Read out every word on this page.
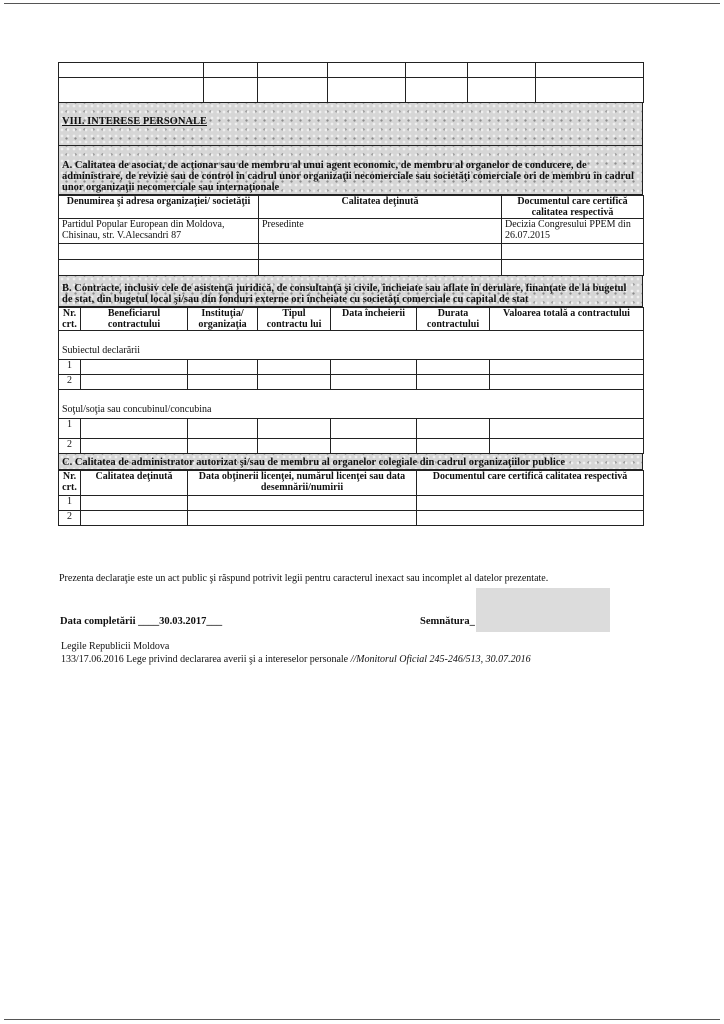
VIII. INTERESE PERSONALE
A. Calitatea de asociat, de acţionar sau de membru al unui agent economic, de membru al organelor de conducere, de administrare, de revizie sau de control în cadrul unor organizaţii necomerciale sau societăţi comerciale ori de membru în cadrul unor organizaţii necomerciale sau internaţionale
Denumirea şi adresa organizaţiei/ societăţii	Calitatea deţinută	Documentul care certifică calitatea respectivă
Partidul Popular European din Moldova, Chisinau, str. V.Alecsandri 87	Presedinte	Decizia Congresului PPEM din 26.07.2015

B. Contracte, inclusiv cele de asistenţă juridică, de consultanţă şi civile, încheiate sau aflate în derulare, finanţate de la bugetul de stat, din bugetul local şi/sau din fonduri externe ori încheiate cu societăţi comerciale cu capital de stat
Nr. crt.	Beneficiarul contractului	Instituţia/ organizaţia	Tipul contractu lui	Data încheierii	Durata contractului	Valoarea totală a contractului
Subiectul declarării						
1						
2						
Soţul/soţia sau concubinul/concubina						
1						
2						
C. Calitatea de administrator autorizat şi/sau de membru al organelor colegiale din cadrul organizaţiilor publice
Nr. crt.	Calitatea deţinută	Data obţinerii licenţei, numărul licenţei sau data desemnării/numirii	Documentul care certifică calitatea respectivă
1			
2			
Prezenta declaraţie este un act public şi răspund potrivit legii pentru caracterul inexact sau incomplet al datelor prezentate.
Data completării ____30.03.2017___	Semnătura_
Legile Republicii Moldova
133/17.06.2016 Lege privind declararea averii şi a intereselor personale //Monitorul Oficial 245-246/513, 30.07.2016
